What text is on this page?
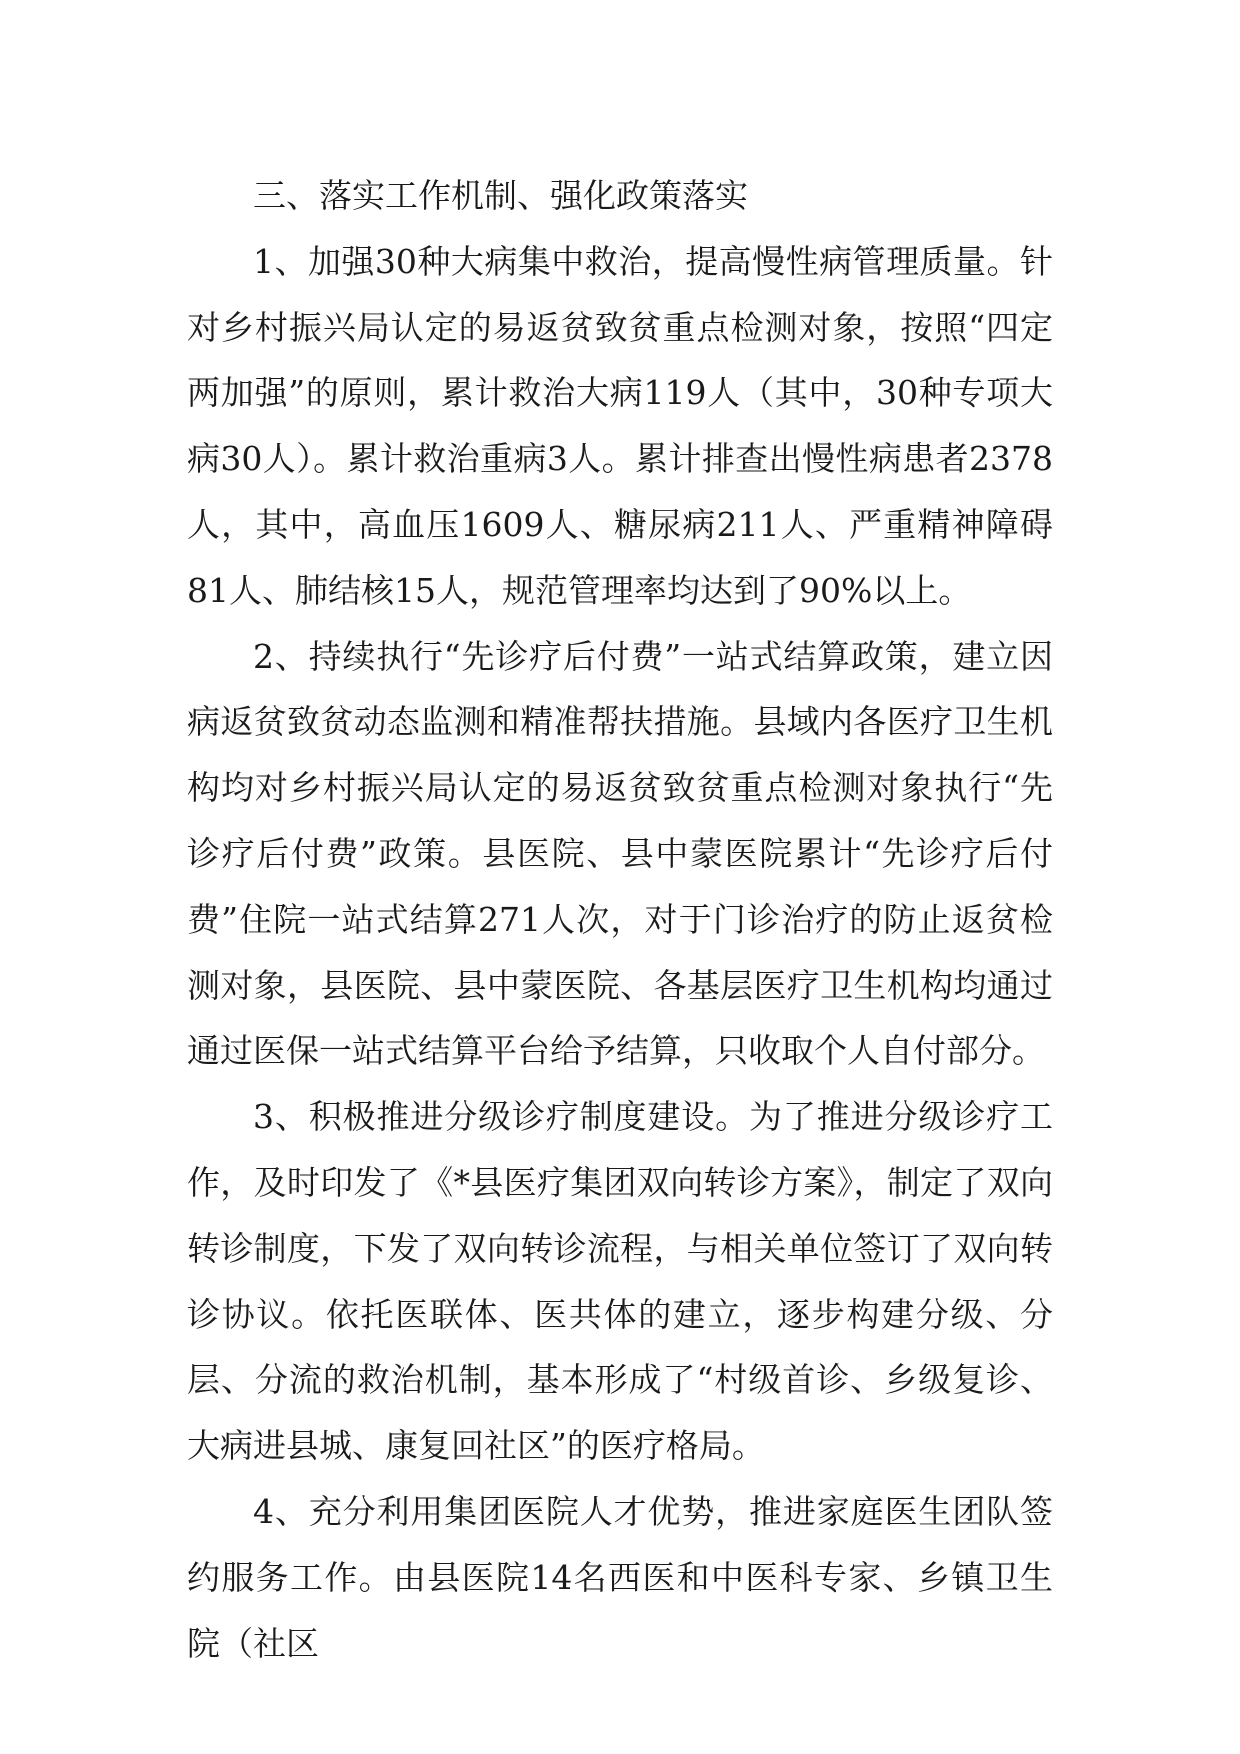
三、落实工作机制、强化政策落实

1、加强30种大病集中救治，提高慢性病管理质量。针对乡村振兴局认定的易返贫致贫重点检测对象，按照“四定两加强”的原则，累计救治大病119人（其中，30种专项大病30人）。累计救治重病3人。累计排查出慢性病患者2378人，其中，高血压1609人、糖尿病211人、严重精神障碍81人、肺结核15人，规范管理率均达到了90%以上。

2、持续执行“先诊疗后付费”一站式结算政策，建立因病返贫致贫动态监测和精准帮扶措施。县域内各医疗卫生机构均对乡村振兴局认定的易返贫致贫重点检测对象执行“先诊疗后付费”政策。县医院、县中蒙医院累计“先诊疗后付费”住院一站式结算271人次，对于门诊治疗的防止返贫检测对象，县医院、县中蒙医院、各基层医疗卫生机构均通过通过医保一站式结算平台给予结算，只收取个人自付部分。

3、积极推进分级诊疗制度建设。为了推进分级诊疗工作，及时印发了《*县医疗集团双向转诊方案》，制定了双向转诊制度，下发了双向转诊流程，与相关单位签订了双向转诊协议。依托医联体、医共体的建立，逐步构建分级、分层、分流的救治机制，基本形成了“村级首诊、乡级复诊、大病进县城、康复回社区”的医疗格局。

4、充分利用集团医院人才优势，推进家庭医生团队签约服务工作。由县医院14名西医和中医科专家、乡镇卫生院（社区
